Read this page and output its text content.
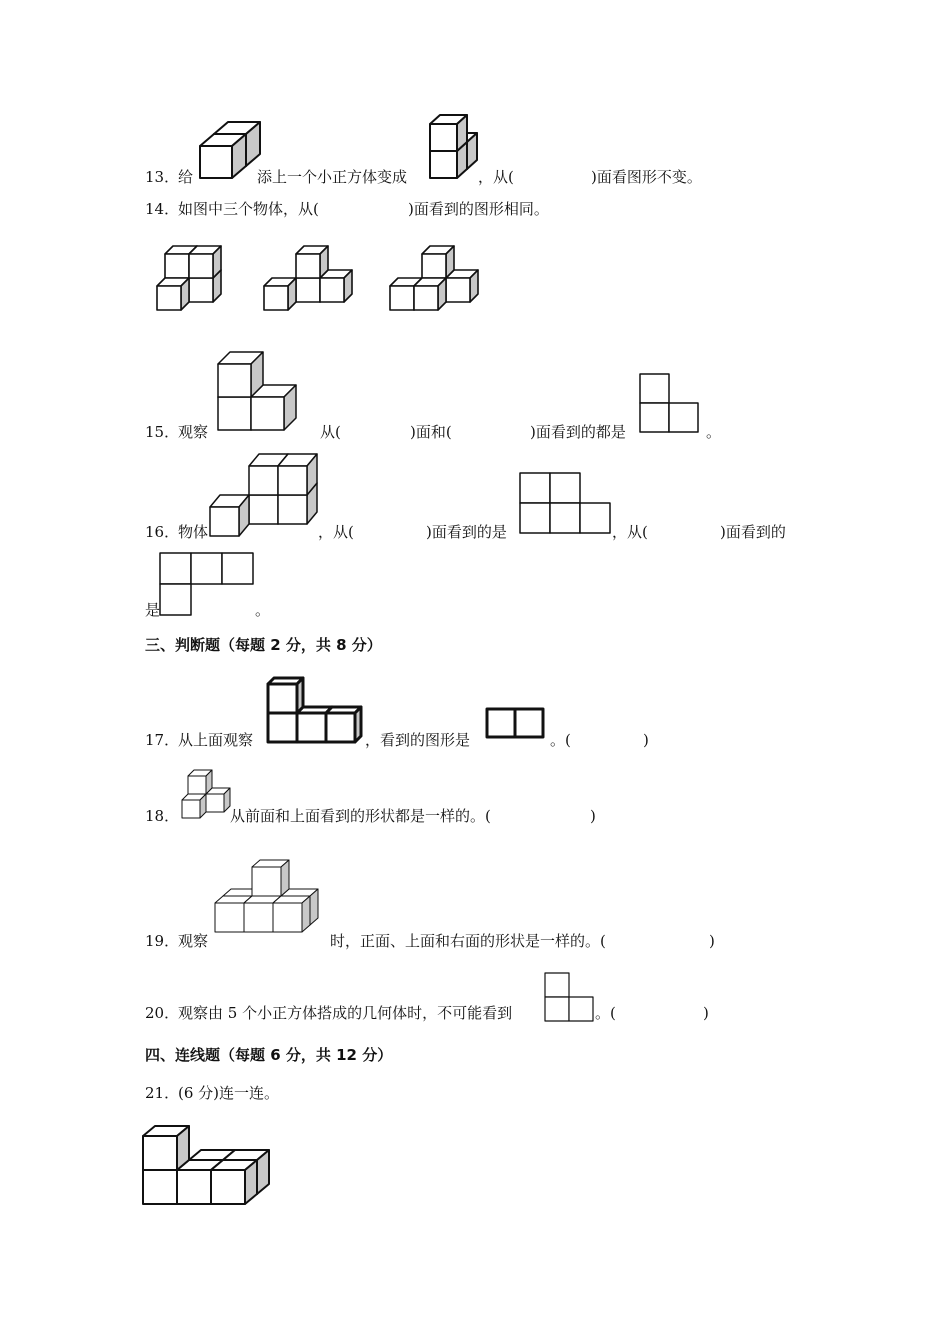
13．
给	添上一个小正方体变成	，从(	)面看图形不变。
14．
如图中三个物体，从(	)面看到的图形相同。
15．
观察	从(	)面和(	)面看到的都是	。
16．
物体	，从(	)面看到的是	，从(	)面看到的
是	。
三、判断题（每题 2 分，共 8 分）
17．
从上面观察	，看到的图形是	。(	)
18．	从前面和上面看到的形状都是一样的。(	)
19．
观察	时，正面、上面和右面的形状是一样的。(	)
20．
观察由 5 个小正方体搭成的几何体时，不可能看到	。(	)
四、连线题（每题 6 分，共 12 分）
21．
(6 分)连一连。
